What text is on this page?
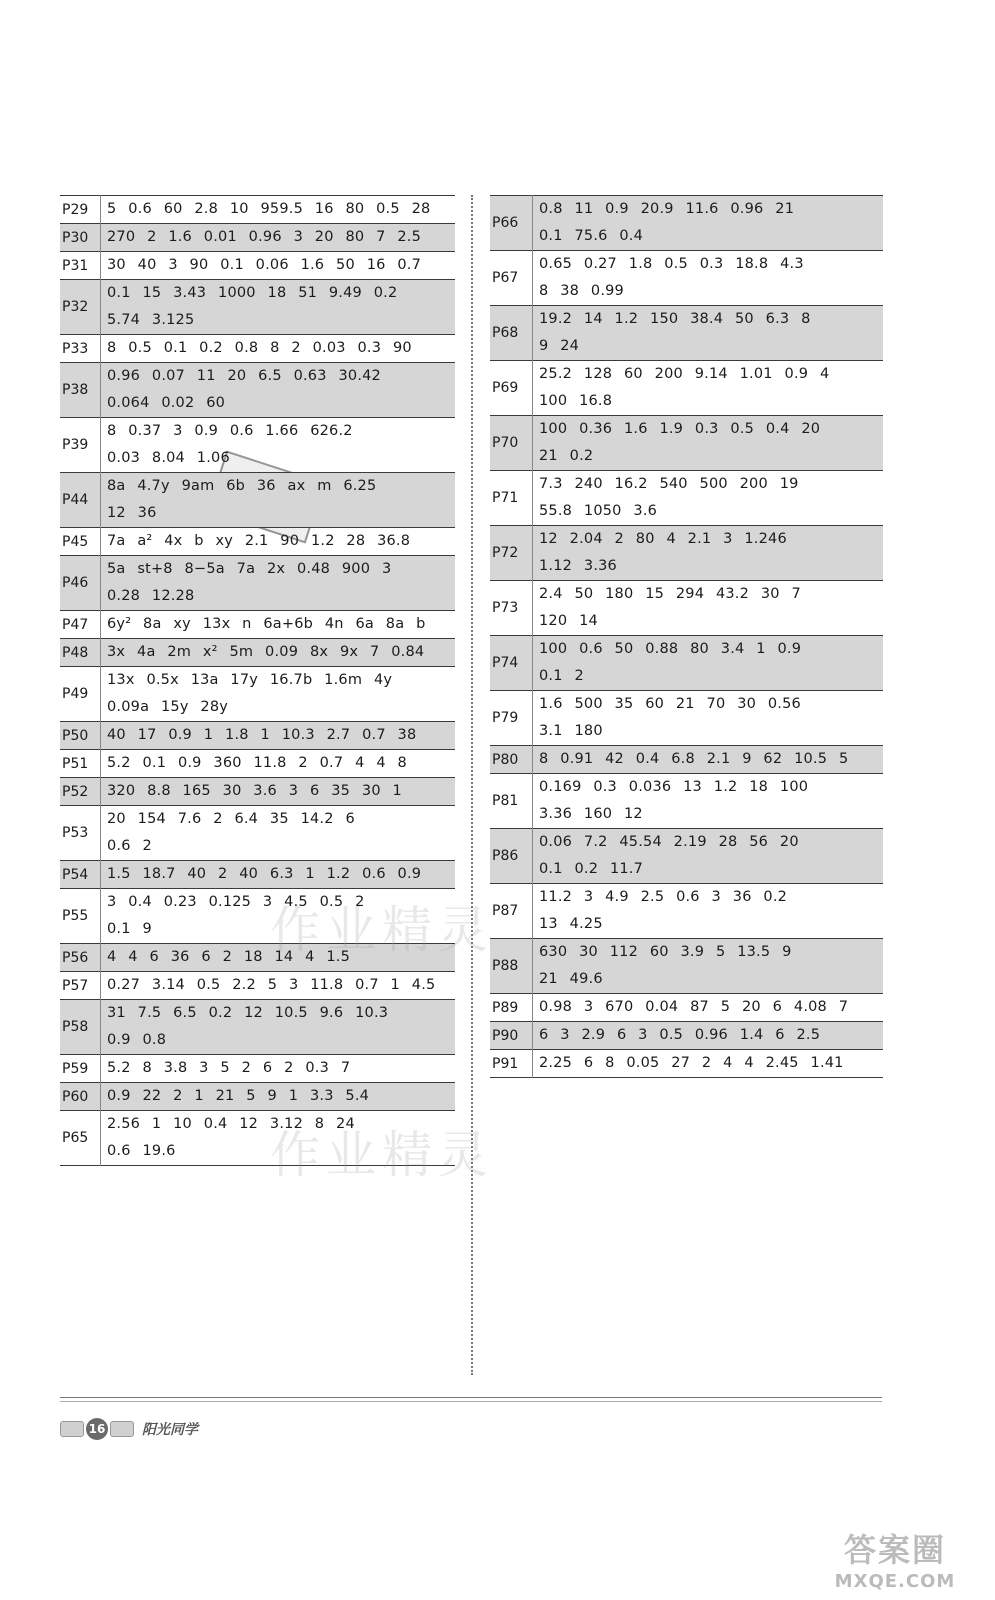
P29	5 0.6 60 2.8 10 959.5 16 80 0.5 28

P30	270 2 1.6 0.01 0.96 3 20 80 7 2.5

P31	30 40 3 90 0.1 0.06 1.6 50 16 0.7

P32	0.1 15 3.43 1000 18 51 9.49 0.2
5.74 3.125

P33	8 0.5 0.1 0.2 0.8 8 2 0.03 0.3 90

P38	0.96 0.07 11 20 6.5 0.63 30.42
0.064 0.02 60

P39	8 0.37 3 0.9 0.6 1.66 626.2
0.03 8.04 1.06

P44	8a 4.7y 9am 6b 36 ax m 6.25
12 36

P45	7a a² 4x b xy 2.1 90 1.2 28 36.8

P46	5a st+8 8−5a 7a 2x 0.48 900 3
0.28 12.28

P47	6y² 8a xy 13x n 6a+6b 4n 6a 8a b

P48	3x 4a 2m x² 5m 0.09 8x 9x 7 0.84

P49	13x 0.5x 13a 17y 16.7b 1.6m 4y
0.09a 15y 28y

P50	40 17 0.9 1 1.8 1 10.3 2.7 0.7 38

P51	5.2 0.1 0.9 360 11.8 2 0.7 4 4 8

P52	320 8.8 165 30 3.6 3 6 35 30 1

P53	20 154 7.6 2 6.4 35 14.2 6
0.6 2

P54	1.5 18.7 40 2 40 6.3 1 1.2 0.6 0.9

P55	3 0.4 0.23 0.125 3 4.5 0.5 2
0.1 9

P56	4 4 6 36 6 2 18 14 4 1.5

P57	0.27 3.14 0.5 2.2 5 3 11.8 0.7 1 4.5

P58	31 7.5 6.5 0.2 12 10.5 9.6 10.3
0.9 0.8

P59	5.2 8 3.8 3 5 2 6 2 0.3 7

P60	0.9 22 2 1 21 5 9 1 3.3 5.4

P65	2.56 1 10 0.4 12 3.12 8 24
0.6 19.6
P66	0.8 11 0.9 20.9 11.6 0.96 21
0.1 75.6 0.4

P67	0.65 0.27 1.8 0.5 0.3 18.8 4.3
8 38 0.99

P68	19.2 14 1.2 150 38.4 50 6.3 8
9 24

P69	25.2 128 60 200 9.14 1.01 0.9 4
100 16.8

P70	100 0.36 1.6 1.9 0.3 0.5 0.4 20
21 0.2

P71	7.3 240 16.2 540 500 200 19
55.8 1050 3.6

P72	12 2.04 2 80 4 2.1 3 1.246
1.12 3.36

P73	2.4 50 180 15 294 43.2 30 7
120 14

P74	100 0.6 50 0.88 80 3.4 1 0.9
0.1 2

P79	1.6 500 35 60 21 70 30 0.56
3.1 180

P80	8 0.91 42 0.4 6.8 2.1 9 62 10.5 5

P81	0.169 0.3 0.036 13 1.2 18 100
3.36 160 12

P86	0.06 7.2 45.54 2.19 28 56 20
0.1 0.2 11.7

P87	11.2 3 4.9 2.5 0.6 3 36 0.2
13 4.25

P88	630 30 112 60 3.9 5 13.5 9
21 49.6

P89	0.98 3 670 0.04 87 5 20 6 4.08 7

P90	6 3 2.9 6 3 0.5 0.96 1.4 6 2.5

P91	2.25 6 8 0.05 27 2 4 4 2.45 1.41
作业精灵
作业精灵
16	阳光同学
答案圈
MXQE.COM
